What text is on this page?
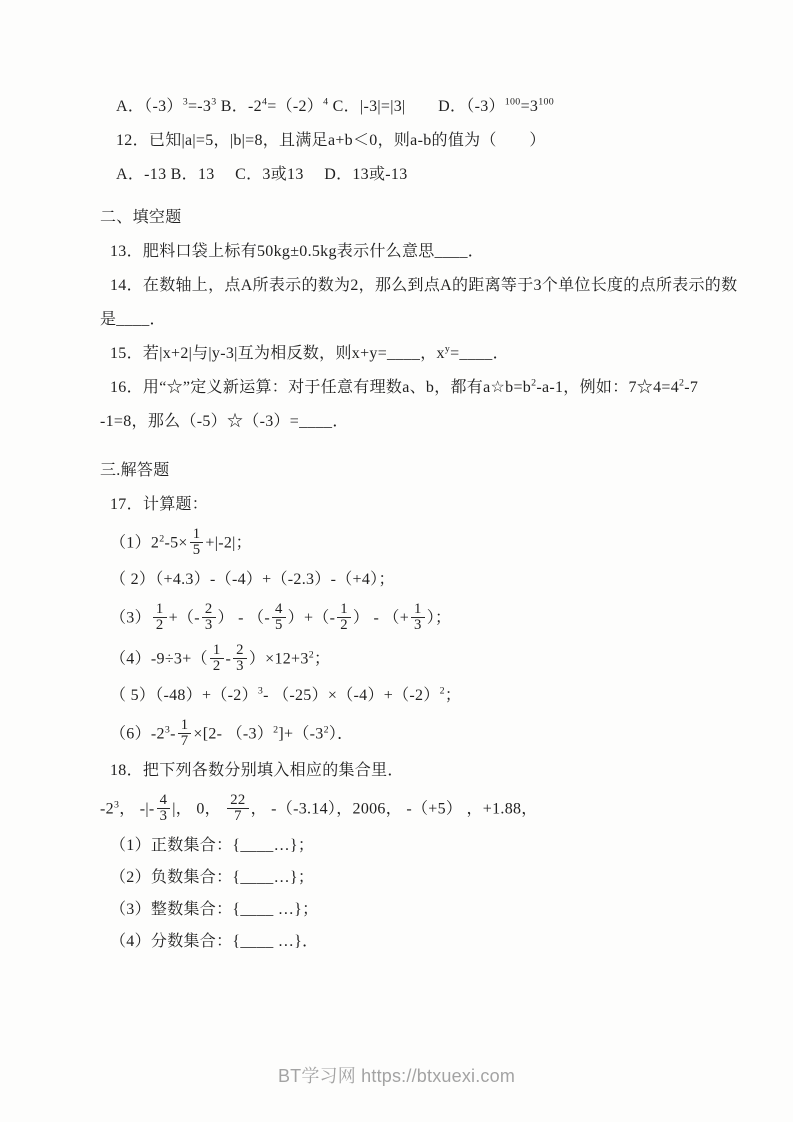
A．$(-3)^3=-3^3$ B．$-2^4=(-2)^4$ C．|-3|=|3|　　D．$(-3)^{100}=3^{100}$

12．已知|a|=5，|b|=8，且满足a+b＜0，则a-b的值为（　　）

A．-13 B．13　 C．3或13　 D．13或-13

二、填空题

13．肥料口袋上标有50kg±0.5kg表示什么意思____．

14．在数轴上，点A所表示的数为2，那么到点A的距离等于3个单位长度的点所表示的数

是____．

15．若|x+2|与|y-3|互为相反数，则x+y=____，$x^y=\_\_\_\_$．

16．用“☆”定义新运算：对于任意有理数a、b，都有$a☆b=b^2-a-1$，例如：$7☆4=4^2-7$

-1=8，那么（-5）☆（-3）=____．

三.解答题

17．计算题：

$(1)2^2-5\times \frac{1}{5} +|-2|$；

（ 2）（+4.3）-（-4）+（-2.3）-（+4）；

$(3) \frac{1}{2}$ +（- $\frac{2}{3}$ ） - （- $\frac{4}{5}$ ）+（- $\frac{1}{2}$ ） - （+ $\frac{1}{3}$ ）；

$(4)-9\div 3+( \frac{1}{2} - \frac{2}{3} )\times 12+3^2$；

（ $5)(-48)+(-2)^3-$ $(-25)\times(-4)+(-2)^2$；

$(6)-2^3- \frac{1}{7} \times[2-$ $(-3)^2]+(-3^2)$．

18．把下列各数分别填入相应的集合里．

$-2^3$， -|- $\frac{4}{3}$ |， 0， $\frac{22}{7}$ ， -（-3.14），2006， -（+5） ，+1.88，

（1）正数集合：{____…}；

（2）负数集合：{____…}；

（3）整数集合：{____ …}；

（4）分数集合：{____ …}．

BT学习网 https://btxuexi.com
